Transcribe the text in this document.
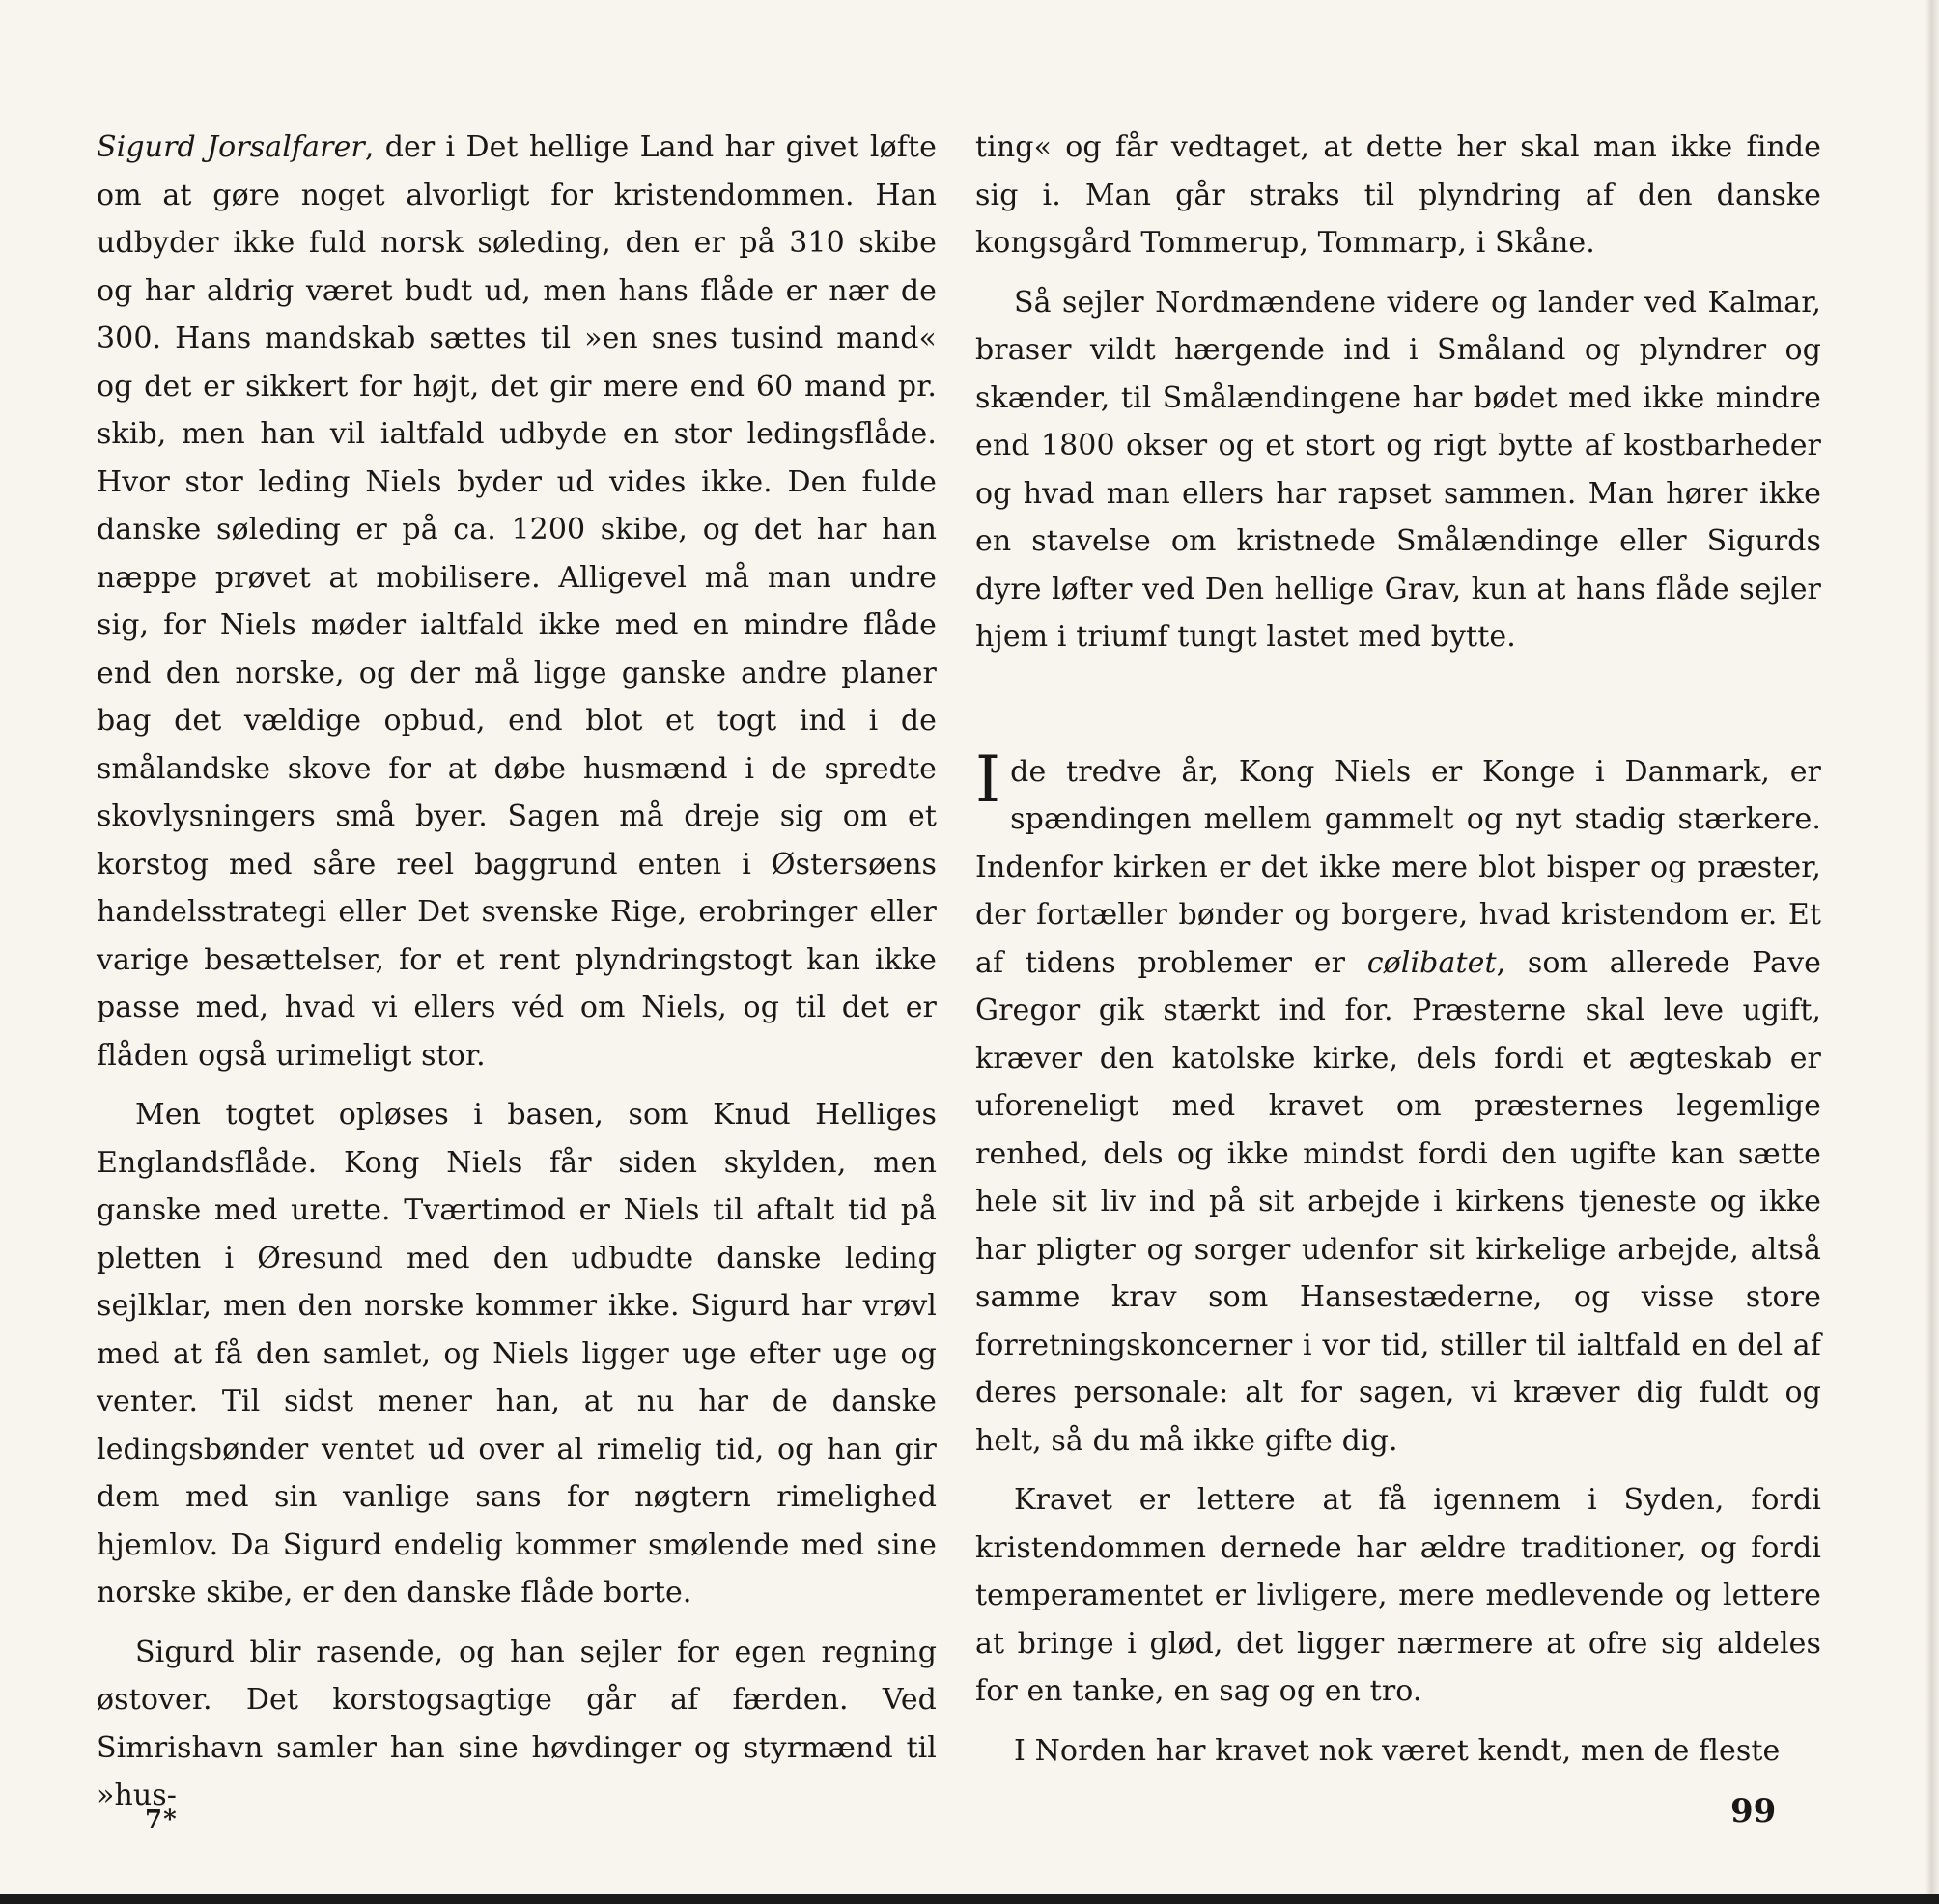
Sigurd Jorsalfarer, der i Det hellige Land har givet løfte om at gøre noget alvorligt for kristendommen. Han udbyder ikke fuld norsk søleding, den er på 310 skibe og har aldrig været budt ud, men hans flåde er nær de 300. Hans mandskab sættes til »en snes tusind mand« og det er sikkert for højt, det gir mere end 60 mand pr. skib, men han vil ialtfald udbyde en stor ledingsflåde. Hvor stor leding Niels byder ud vides ikke. Den fulde danske søleding er på ca. 1200 skibe, og det har han næppe prøvet at mobilisere. Alligevel må man undre sig, for Niels møder ialtfald ikke med en mindre flåde end den norske, og der må ligge ganske andre planer bag det vældige opbud, end blot et togt ind i de smålandske skove for at døbe husmænd i de spredte skovlysningers små byer. Sagen må dreje sig om et korstog med såre reel baggrund enten i Østersøens handelsstrategi eller Det svenske Rige, erobringer eller varige besættelser, for et rent plyndringstogt kan ikke passe med, hvad vi ellers véd om Niels, og til det er flåden også urimeligt stor.

Men togtet opløses i basen, som Knud Helliges Englandsflåde. Kong Niels får siden skylden, men ganske med urette. Tværtimod er Niels til aftalt tid på pletten i Øresund med den udbudte danske leding sejlklar, men den norske kommer ikke. Sigurd har vrøvl med at få den samlet, og Niels ligger uge efter uge og venter. Til sidst mener han, at nu har de danske ledingsbønder ventet ud over al rimelig tid, og han gir dem med sin vanlige sans for nøgtern rimelighed hjemlov. Da Sigurd endelig kommer smølende med sine norske skibe, er den danske flåde borte.

Sigurd blir rasende, og han sejler for egen regning østover. Det korstogsagtige går af færden. Ved Simrishavn samler han sine høvdinger og styrmænd til »hus-

ting« og får vedtaget, at dette her skal man ikke finde sig i. Man går straks til plyndring af den danske kongsgård Tommerup, Tommarp, i Skåne.

Så sejler Nordmændene videre og lander ved Kalmar, braser vildt hærgende ind i Småland og plyndrer og skænder, til Smålændingene har bødet med ikke mindre end 1800 okser og et stort og rigt bytte af kostbarheder og hvad man ellers har rapset sammen. Man hører ikke en stavelse om kristnede Smålændinge eller Sigurds dyre løfter ved Den hellige Grav, kun at hans flåde sejler hjem i triumf tungt lastet med bytte.

I de tredve år, Kong Niels er Konge i Danmark, er spændingen mellem gammelt og nyt stadig stærkere. Indenfor kirken er det ikke mere blot bisper og præster, der fortæller bønder og borgere, hvad kristendom er. Et af tidens problemer er cølibatet, som allerede Pave Gregor gik stærkt ind for. Præsterne skal leve ugift, kræver den katolske kirke, dels fordi et ægteskab er uforeneligt med kravet om præsternes legemlige renhed, dels og ikke mindst fordi den ugifte kan sætte hele sit liv ind på sit arbejde i kirkens tjeneste og ikke har pligter og sorger udenfor sit kirkelige arbejde, altså samme krav som Hansestæderne, og visse store forretningskoncerner i vor tid, stiller til ialtfald en del af deres personale: alt for sagen, vi kræver dig fuldt og helt, så du må ikke gifte dig.

Kravet er lettere at få igennem i Syden, fordi kristendommen dernede har ældre traditioner, og fordi temperamentet er livligere, mere medlevende og lettere at bringe i glød, det ligger nærmere at ofre sig aldeles for en tanke, en sag og en tro.

I Norden har kravet nok været kendt, men de fleste

7*	99
